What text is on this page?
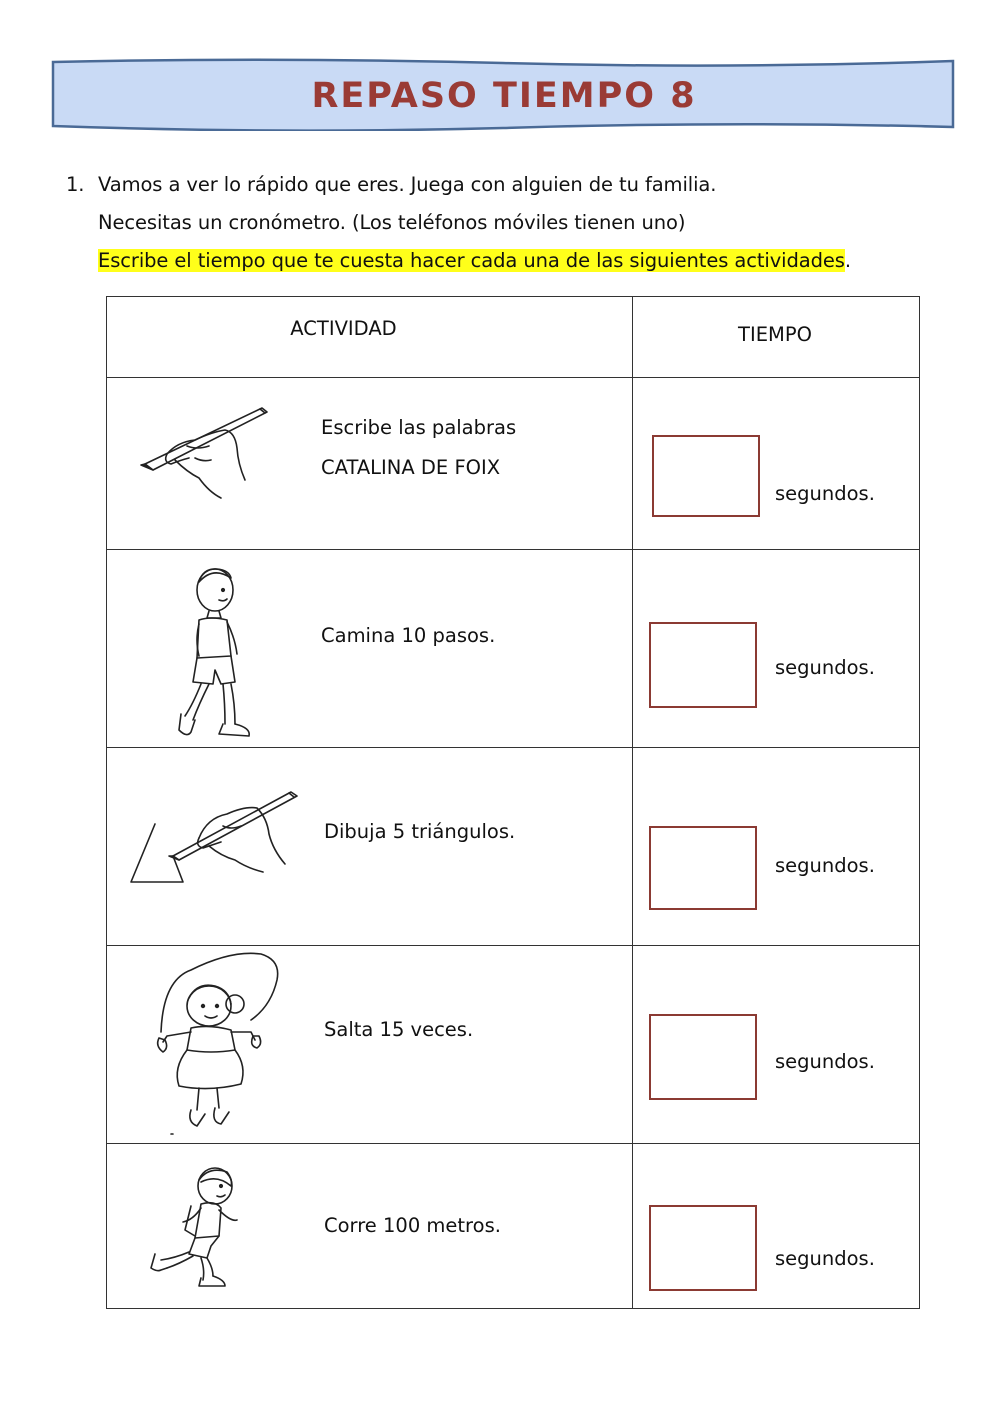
REPASO TIEMPO 8
1. Vamos a ver lo rápido que eres. Juega con alguien de tu familia.
Necesitas un cronómetro. (Los teléfonos móviles tienen uno)
Escribe el tiempo que te cuesta hacer cada una de las siguientes actividades.
ACTIVIDAD	TIEMPO

Escribe las palabras
CATALINA DE FOIX	segundos.

Camina 10 pasos.	segundos.

Dibuja 5 triángulos.	segundos.

Salta 15 veces.	segundos.

Corre 100 metros.	segundos.
